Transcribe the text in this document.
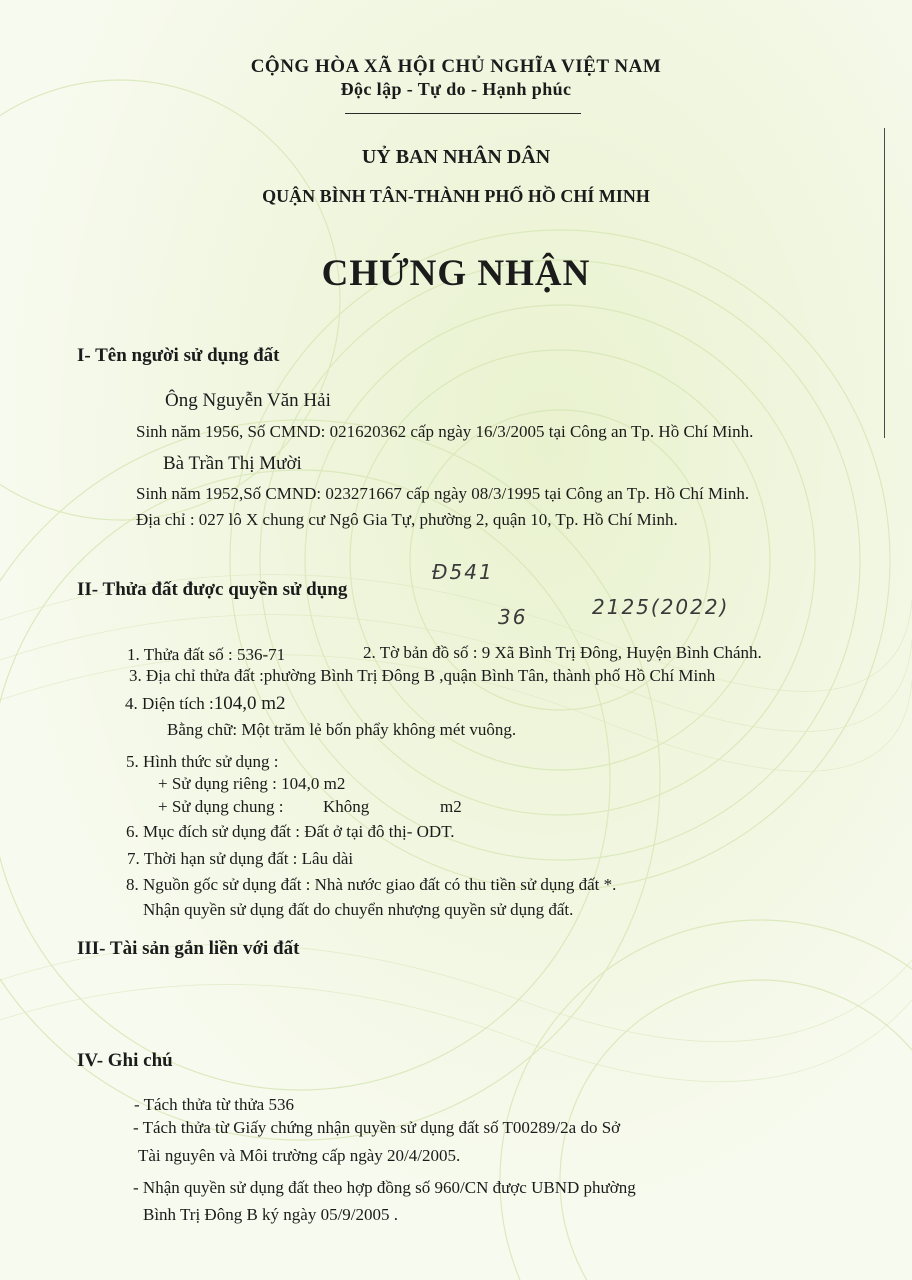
CỘNG HÒA XÃ HỘI CHỦ NGHĨA VIỆT NAM
Độc lập - Tự do - Hạnh phúc
UỶ BAN NHÂN DÂN
QUẬN BÌNH TÂN-THÀNH PHỐ HỒ CHÍ MINH
CHỨNG NHẬN
I- Tên người sử dụng đất
Ông Nguyễn Văn Hải
Sinh năm 1956, Số CMND: 021620362 cấp ngày 16/3/2005 tại Công an Tp. Hồ Chí Minh.
Bà Trần Thị Mười
Sinh năm 1952,Số CMND: 023271667 cấp ngày 08/3/1995 tại Công an Tp. Hồ Chí Minh.
Địa chỉ : 027 lô X chung cư Ngô Gia Tự, phường 2, quận 10, Tp. Hồ Chí Minh.
II- Thửa đất được quyền sử dụng
Ð541
36	2125(2022)
1. Thửa đất số : 536-71	2. Tờ bản đồ số : 9 Xã Bình Trị Đông, Huyện Bình Chánh.
3. Địa chỉ thửa đất :phường Bình Trị Đông B ,quận Bình Tân, thành phố Hồ Chí Minh
4. Diện tích :104,0 m2
Bằng chữ: Một trăm lẻ bốn phẩy không mét vuông.
5. Hình thức sử dụng :
+ Sử dụng riêng : 104,0 m2
+ Sử dụng chung : Không	m2
6. Mục đích sử dụng đất : Đất ở tại đô thị- ODT.
7. Thời hạn sử dụng đất : Lâu dài
8. Nguồn gốc sử dụng đất : Nhà nước giao đất có thu tiền sử dụng đất *.
Nhận quyền sử dụng đất do chuyển nhượng quyền sử dụng đất.
III- Tài sản gắn liền với đất
IV- Ghi chú
- Tách thửa từ thửa 536
- Tách thửa từ Giấy chứng nhận quyền sử dụng đất số T00289/2a do Sở
Tài nguyên và Môi trường cấp ngày 20/4/2005.
- Nhận quyền sử dụng đất theo hợp đồng số 960/CN được UBND phường
Bình Trị Đông B ký ngày 05/9/2005 .
